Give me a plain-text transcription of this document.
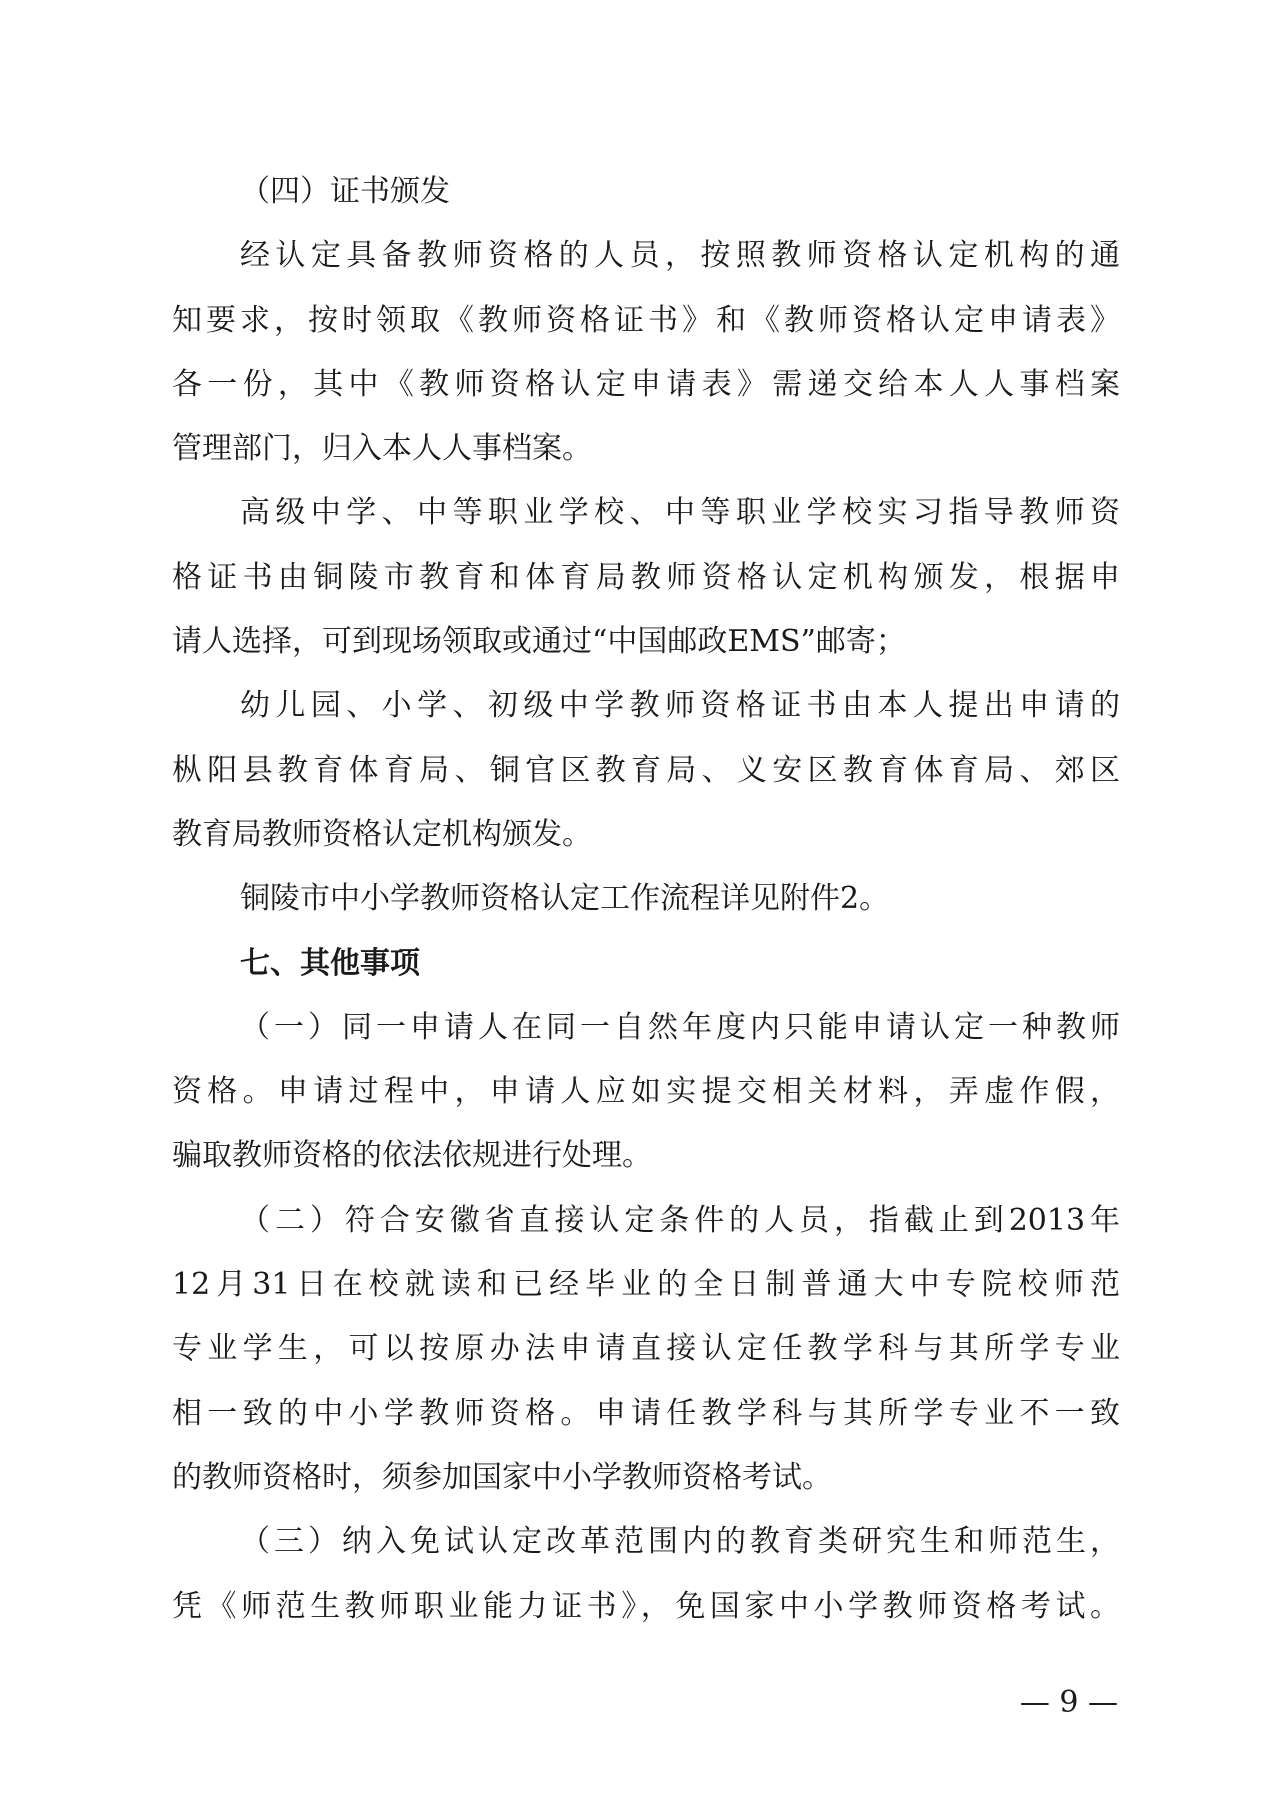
（四）证书颁发
经认定具备教师资格的人员，按照教师资格认定机构的通
知要求，按时领取《教师资格证书》和《教师资格认定申请表》
各一份，其中《教师资格认定申请表》需递交给本人人事档案
管理部门，归入本人人事档案。
高级中学、中等职业学校、中等职业学校实习指导教师资
格证书由铜陵市教育和体育局教师资格认定机构颁发，根据申
请人选择，可到现场领取或通过“中国邮政EMS”邮寄；
幼儿园、小学、初级中学教师资格证书由本人提出申请的
枞阳县教育体育局、铜官区教育局、义安区教育体育局、郊区
教育局教师资格认定机构颁发。
铜陵市中小学教师资格认定工作流程详见附件2。
七、其他事项
（一）同一申请人在同一自然年度内只能申请认定一种教师
资格。申请过程中，申请人应如实提交相关材料，弄虚作假，
骗取教师资格的依法依规进行处理。
（二）符合安徽省直接认定条件的人员，指截止到2013年
12月31日在校就读和已经毕业的全日制普通大中专院校师范
专业学生，可以按原办法申请直接认定任教学科与其所学专业
相一致的中小学教师资格。申请任教学科与其所学专业不一致
的教师资格时，须参加国家中小学教师资格考试。
（三）纳入免试认定改革范围内的教育类研究生和师范生，
凭《师范生教师职业能力证书》，免国家中小学教师资格考试。
— 9 —
